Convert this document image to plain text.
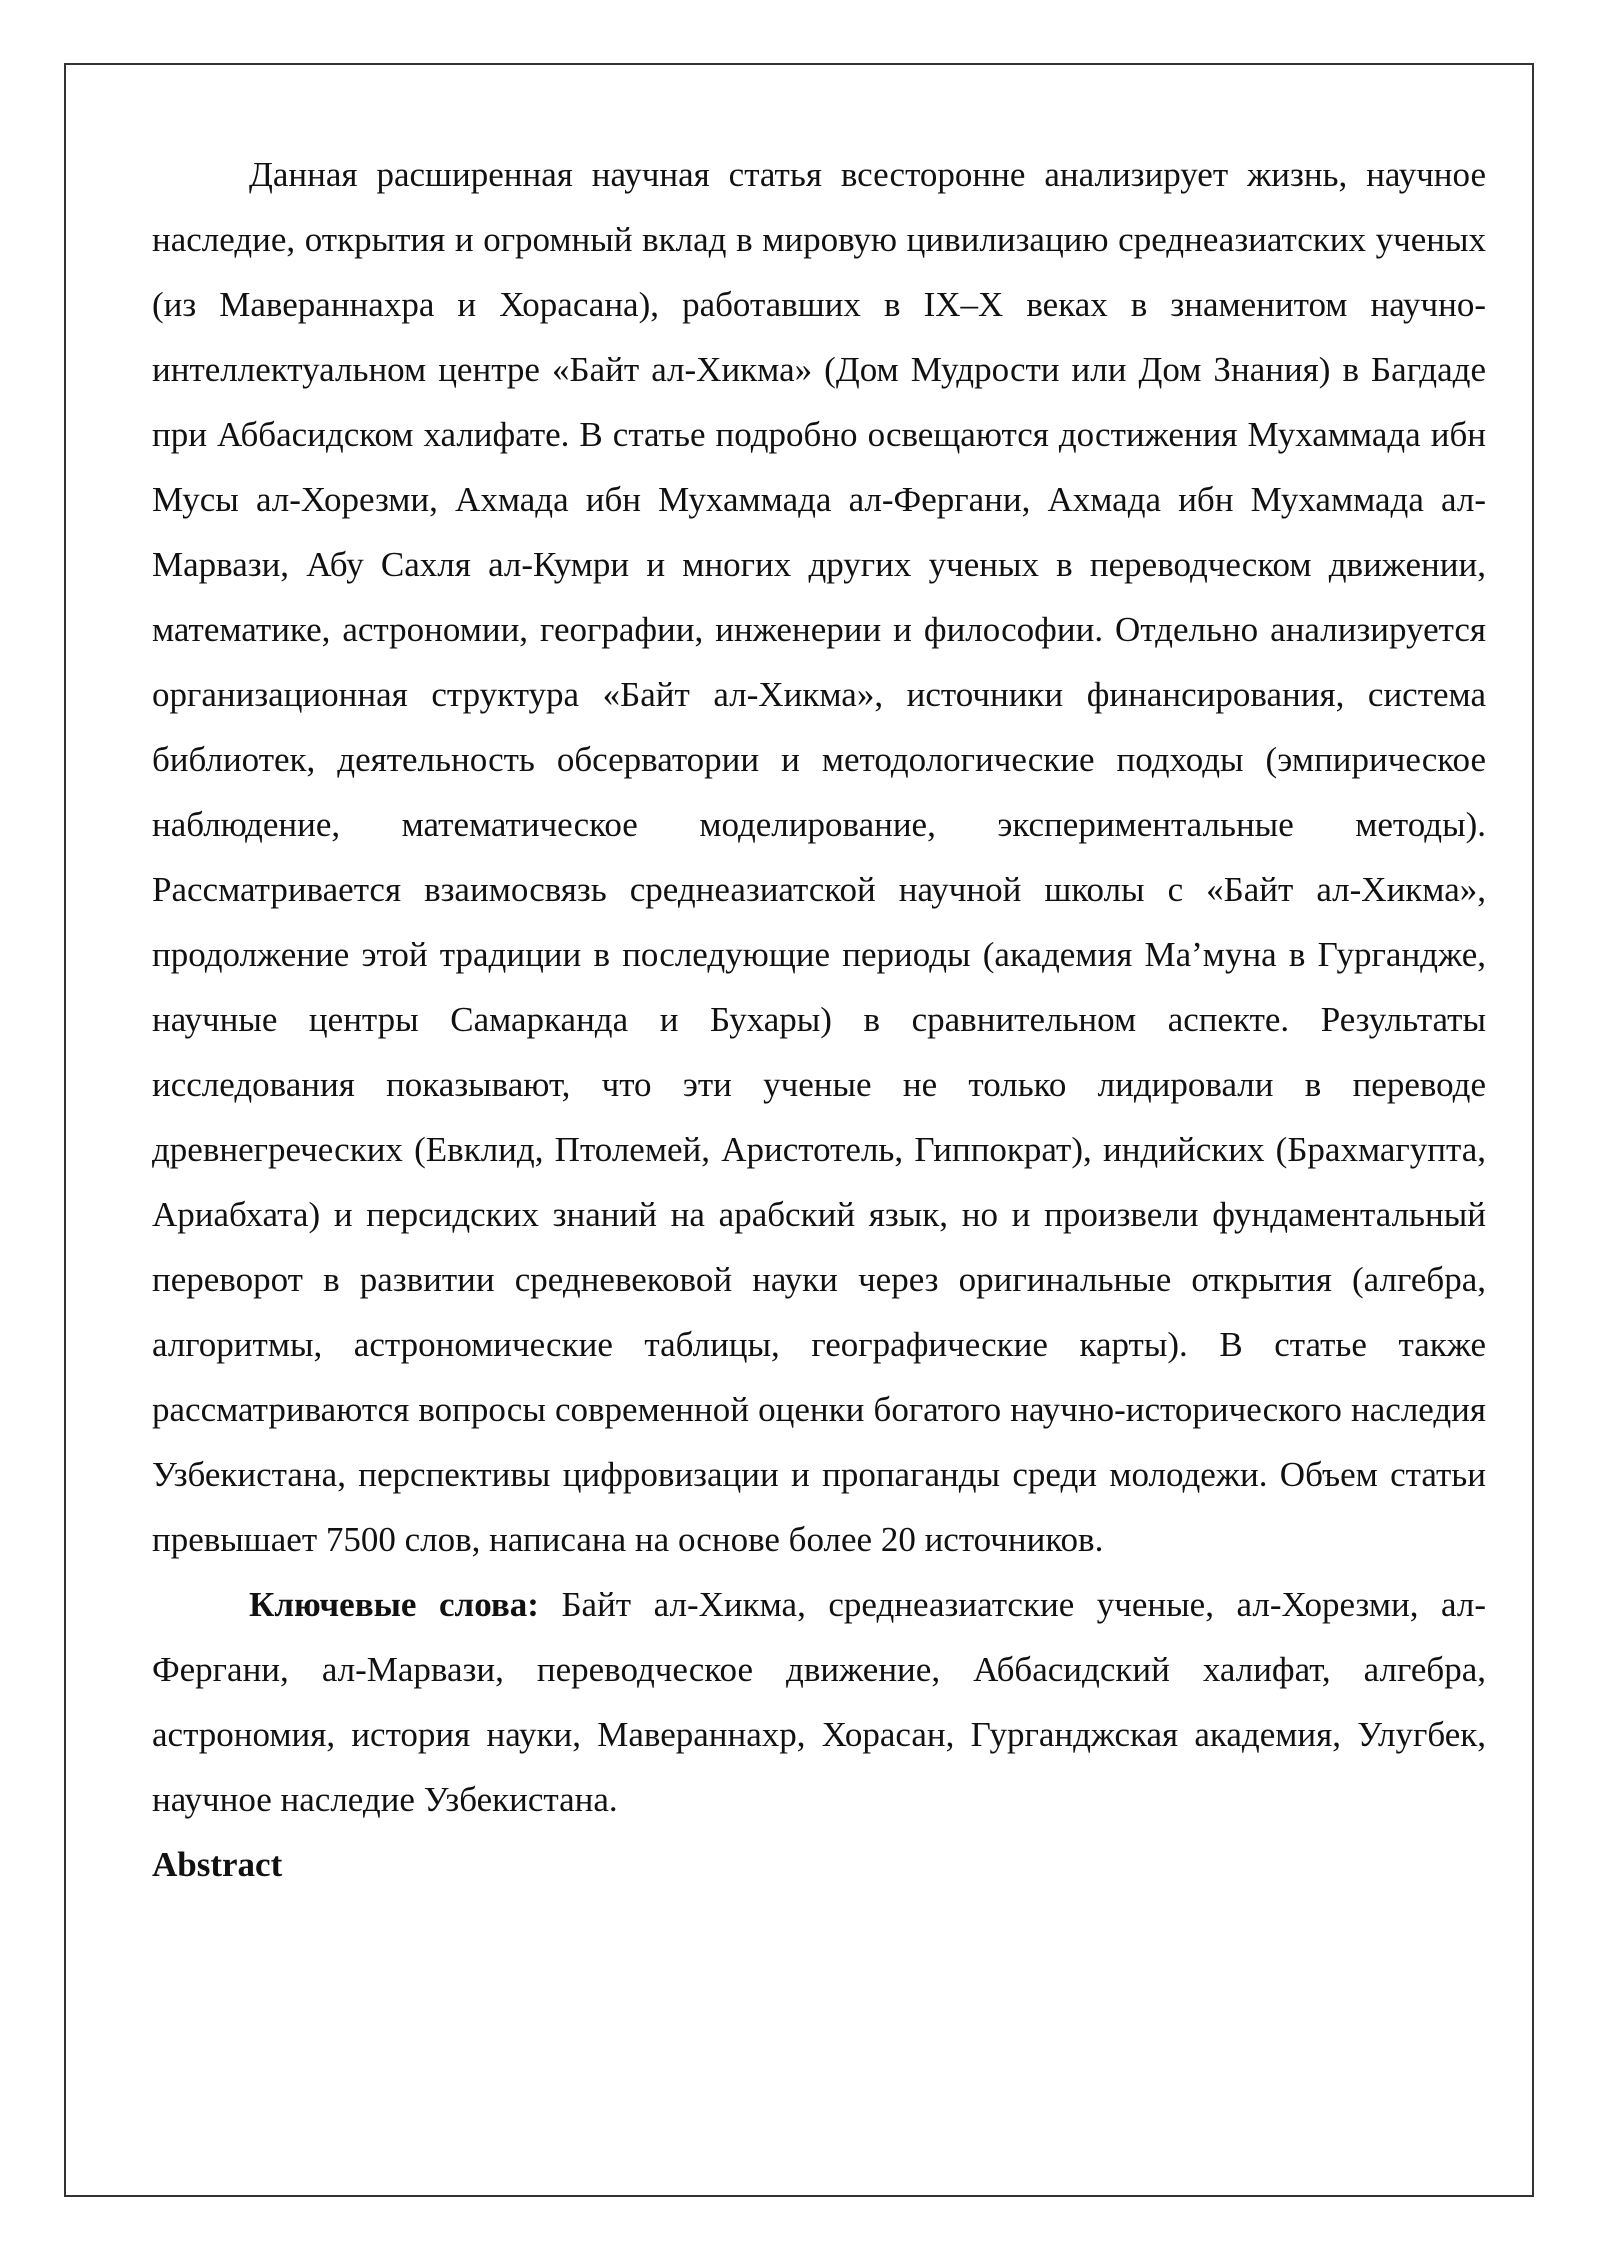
Данная расширенная научная статья всесторонне анализирует жизнь, научное наследие, открытия и огромный вклад в мировую цивилизацию среднеазиатских ученых (из Мавераннахра и Хорасана), работавших в IX–X веках в знаменитом научно-интеллектуальном центре «Байт ал-Хикма» (Дом Мудрости или Дом Знания) в Багдаде при Аббасидском халифате. В статье подробно освещаются достижения Мухаммада ибн Мусы ал-Хорезми, Ахмада ибн Мухаммада ал-Фергани, Ахмада ибн Мухаммада ал-Марвази, Абу Сахля ал-Кумри и многих других ученых в переводческом движении, математике, астрономии, географии, инженерии и философии. Отдельно анализируется организационная структура «Байт ал-Хикма», источники финансирования, система библиотек, деятельность обсерватории и методологические подходы (эмпирическое наблюдение, математическое моделирование, экспериментальные методы). Рассматривается взаимосвязь среднеазиатской научной школы с «Байт ал-Хикма», продолжение этой традиции в последующие периоды (академия Ма’муна в Гургандже, научные центры Самарканда и Бухары) в сравнительном аспекте. Результаты исследования показывают, что эти ученые не только лидировали в переводе древнегреческих (Евклид, Птолемей, Аристотель, Гиппократ), индийских (Брахмагупта, Ариабхата) и персидских знаний на арабский язык, но и произвели фундаментальный переворот в развитии средневековой науки через оригинальные открытия (алгебра, алгоритмы, астрономические таблицы, географические карты). В статье также рассматриваются вопросы современной оценки богатого научно-исторического наследия Узбекистана, перспективы цифровизации и пропаганды среди молодежи. Объем статьи превышает 7500 слов, написана на основе более 20 источников.

Ключевые слова: Байт ал-Хикма, среднеазиатские ученые, ал-Хорезми, ал-Фергани, ал-Марвази, переводческое движение, Аббасидский халифат, алгебра, астрономия, история науки, Мавераннахр, Хорасан, Гурганджская академия, Улугбек, научное наследие Узбекистана.

Abstract
